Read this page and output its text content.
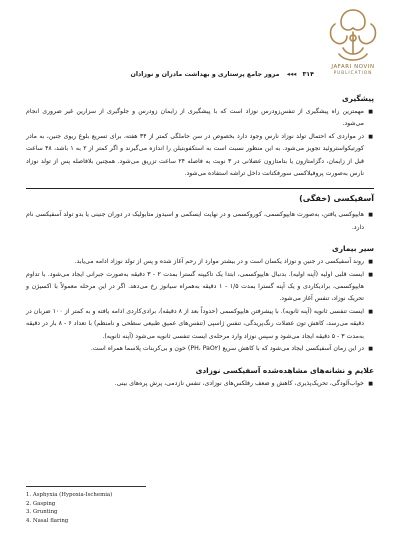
JAFARI NOVIN
PUBLICATION
۳۱۴ ◂◂◂ مرور جامع پرستاری و بهداشت مادران و نوزادان
پیشگیری
■ مهمترین راه پیشگیری از تنفس‌زودرس نوزاد است که با پیشگیری از زایمان زودرس و جلوگیری از سزارین غیر ضروری انجام می‌شود.
■ در مواردی که احتمال تولد نوزاد نارس وجود دارد بخصوص در سن حاملگی کمتر از ۳۴ هفته، برای تسریع بلوغ ریوی جنین، به مادر کورتیکواستروئید تجویز می‌شود. به این منظور نسبت است به استکفوبتیلن را اندازه می‌گیرند و اگر کمتر از ۲ به ۱ باشد، ۴۸ ساعت قبل از زایمان، دگزامتازون یا بتامتازون عضلانی در ۳ نوبت به فاصله ۲۴ ساعت تزریق می‌شود. همچنین بلافاصله پس از تولد نوزاد نارس به‌صورت پروفیلاکسی سورفکتانت داخل تراشه استفاده می‌شود.
آسفیکسی (خفگی)
■ هایپوکسی یافتن، به‌صورت هایپوکسمی، کوروکسمی و در نهایت ایسکمی و اسیدوز متابولیک در دوران جنینی یا بدو تولد آسفیکسی نام دارد.
سیر بیماری
■ روند آسفیکسی در جنین و نوزاد یکسان است و در بیشتر موارد از رحم آغاز شده و پس از تولد نوزاد ادامه می‌یابد.
■ ایست قلبی اولیه (آپنه اولیه). بدنبال هایپوکسمی، ابتدا یک تاکیپنه گسترا بمدت ۲ - ۳ دقیقه به‌صورت جبرانی ایجاد می‌شود. با تداوم هایپوکسمی، برادیکاردی و یک آپنه گسترا بمدت ۱/۵ - ۱ دقیقه به‌همراه سیانوز رخ می‌دهد. اگر در این مرحله معمولاً با اکسیژن و تحریک نوزاد، تنفس آغاز می‌شود.
■ ایست تنفسی ثانویه (آپنه ثانویه). با پیشرفتن هایپوکسمی (حدوداً بعد از ۸ دقیقه)، برادی‌کاردی ادامه یافته و به کمتر از ۱۰۰ ضربان در دقیقه می‌رسد، کاهش تون عضلات رنگ‌پریدگی، تنفس ژاسپی (تنفس‌های عمیق طبیعی سطحی و نامنظم) با تعداد ۶ - ۸ بار در دقیقه به‌مدت ۳ - ۵ دقیقه ایجاد می‌شود و سپس نوزاد وارد مرحله‌ی ایست تنفسی ثانویه می‌شود (آپنه ثانویه).
■ در این زمان آسفیکسی ایجاد می‌شود که با کاهش سریع (PH، PaO۲) خون و بی‌کربنات پلاسما همراه است.
علایم و نشانه‌های مشاهده‌شده آسفیکسی نوزادی
■ خواب‌آلودگی، تحریک‌پذیری، کاهش و ضعف رفلکس‌های نوزادی، تنفس نازدمی، پرش پره‌های بینی.
1. Asphyxia (Hypoxia-Ischemia)
2. Gasping
3. Grunting
4. Nasal flaring
